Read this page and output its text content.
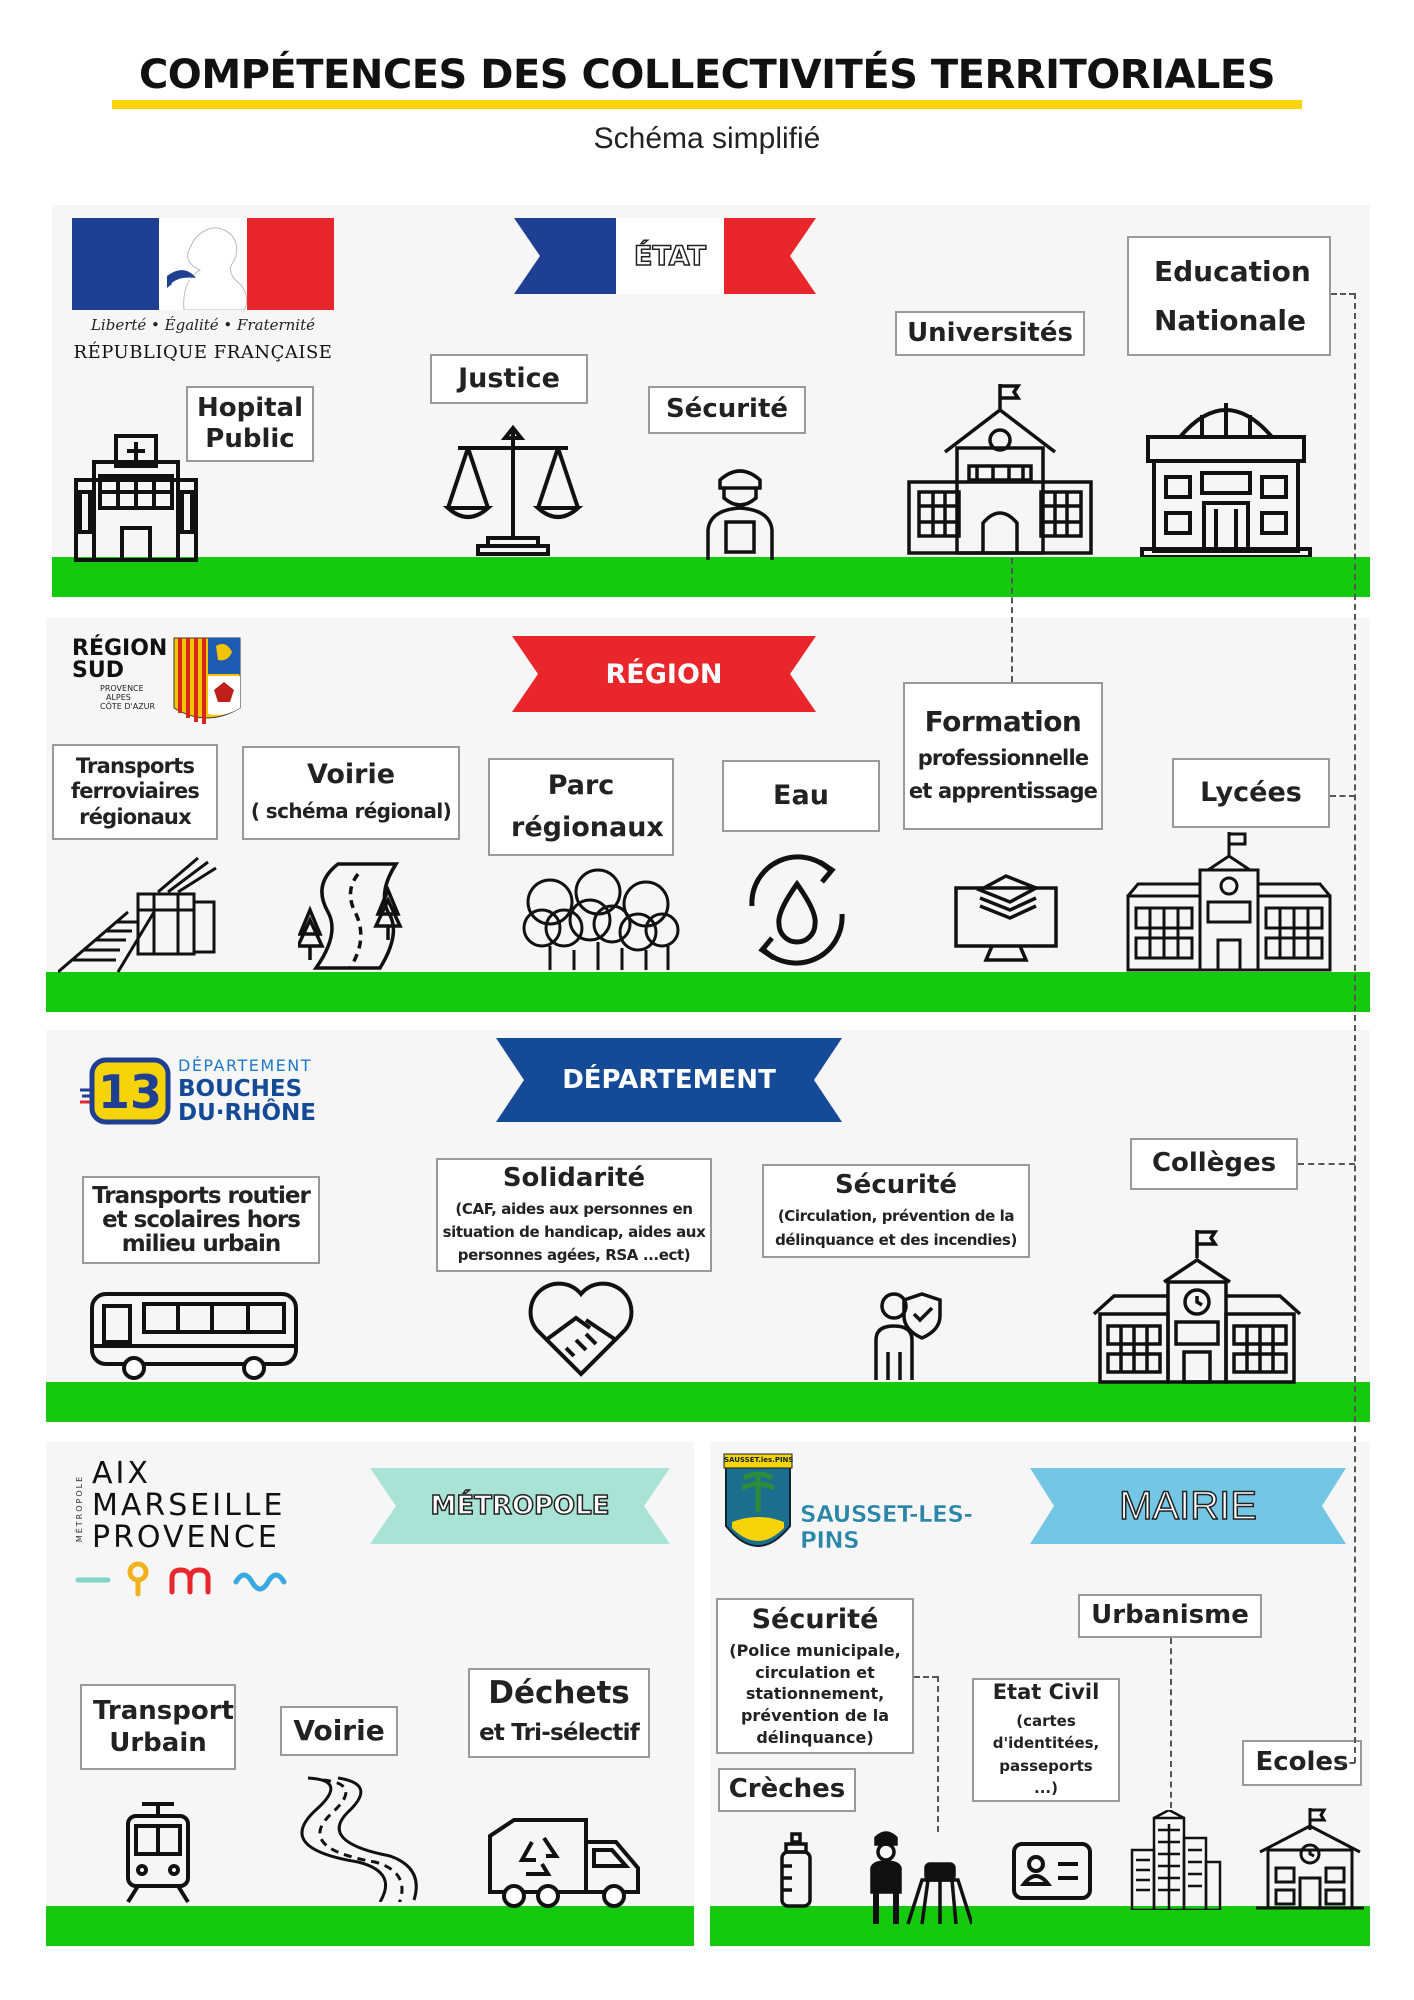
COMPÉTENCES DES COLLECTIVITÉS TERRITORIALES
Schéma simplifié
Liberté • Égalité • Fraternité
RÉPUBLIQUE FRANÇAISE
ÉTAT
Hopital Public
Justice
Sécurité
Universités
Education Nationale
RÉGION
SUD
PROVENCE
ALPES
CÔTE D'AZUR
RÉGION
Transports ferroviaires régionaux
Voirie
( schéma régional)
Parc régionaux
Eau
Formation
professionnelle et apprentissage	Lycées
13 DÉPARTEMENT
BOUCHES
DU·RHÔNE
DÉPARTEMENT
Transports routier et scolaires hors milieu urbain
Solidarité
(CAF, aides aux personnes en situation de handicap, aides aux personnes agées, RSA ...ect)
Sécurité
(Circulation, prévention de la délinquance et des incendies)
Collèges
MÉTROPOLE
AIX
MARSEILLE
PROVENCE
MÉTROPOLE
Transport Urbain	Voirie
Déchets
et Tri-sélectif
SAUSSET.les.PINS
SAUSSET-LES-PINS
MAIRIE
Sécurité
(Police municipale, circulation et stationnement, prévention de la délinquance)
Crèches
Etat Civil
(cartes d'identitées, passeports ...)
Urbanisme
Ecoles
